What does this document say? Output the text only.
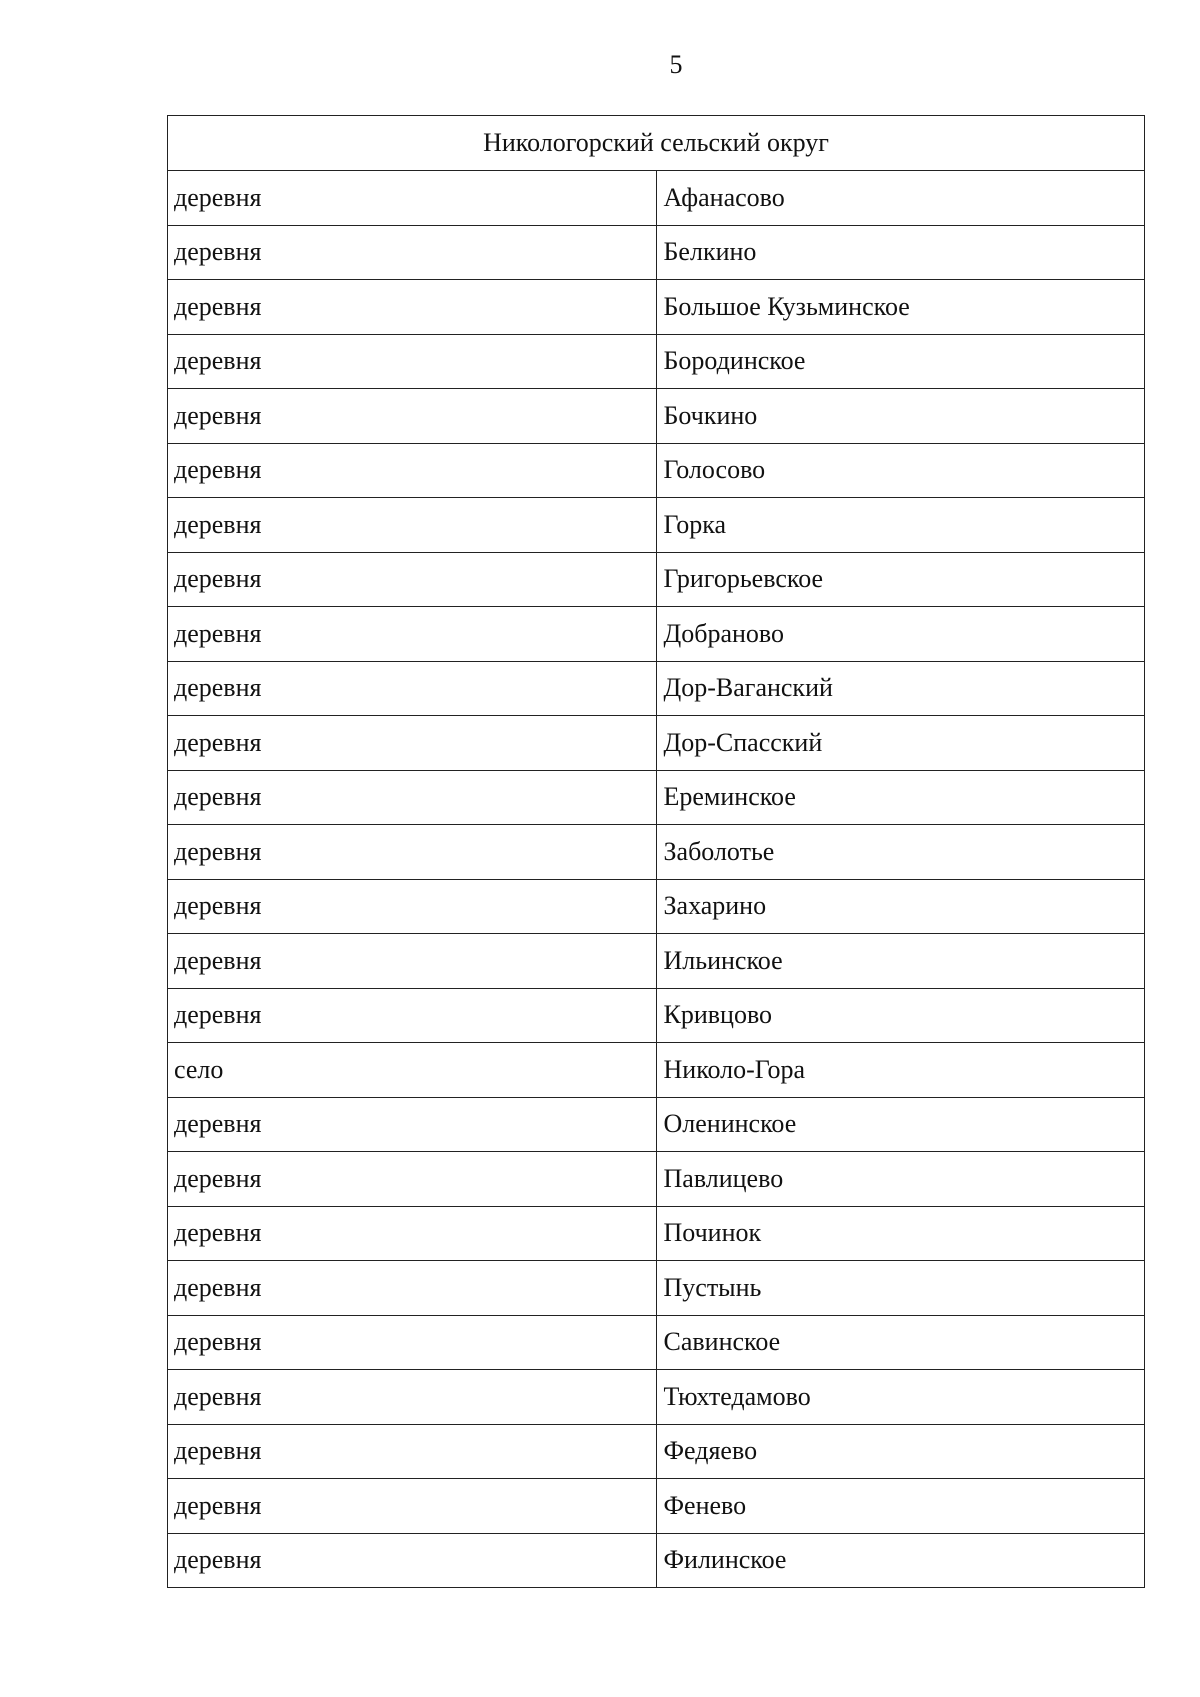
5
Никологорский сельский округ	
деревня	Афанасово
деревня	Белкино
деревня	Большое Кузьминское
деревня	Бородинское
деревня	Бочкино
деревня	Голосово
деревня	Горка
деревня	Григорьевское
деревня	Добраново
деревня	Дор-Ваганский
деревня	Дор-Спасский
деревня	Ереминское
деревня	Заболотье
деревня	Захарино
деревня	Ильинское
деревня	Кривцово
село	Николо-Гора
деревня	Оленинское
деревня	Павлицево
деревня	Починок
деревня	Пустынь
деревня	Савинское
деревня	Тюхтедамово
деревня	Федяево
деревня	Фенево
деревня	Филинское
